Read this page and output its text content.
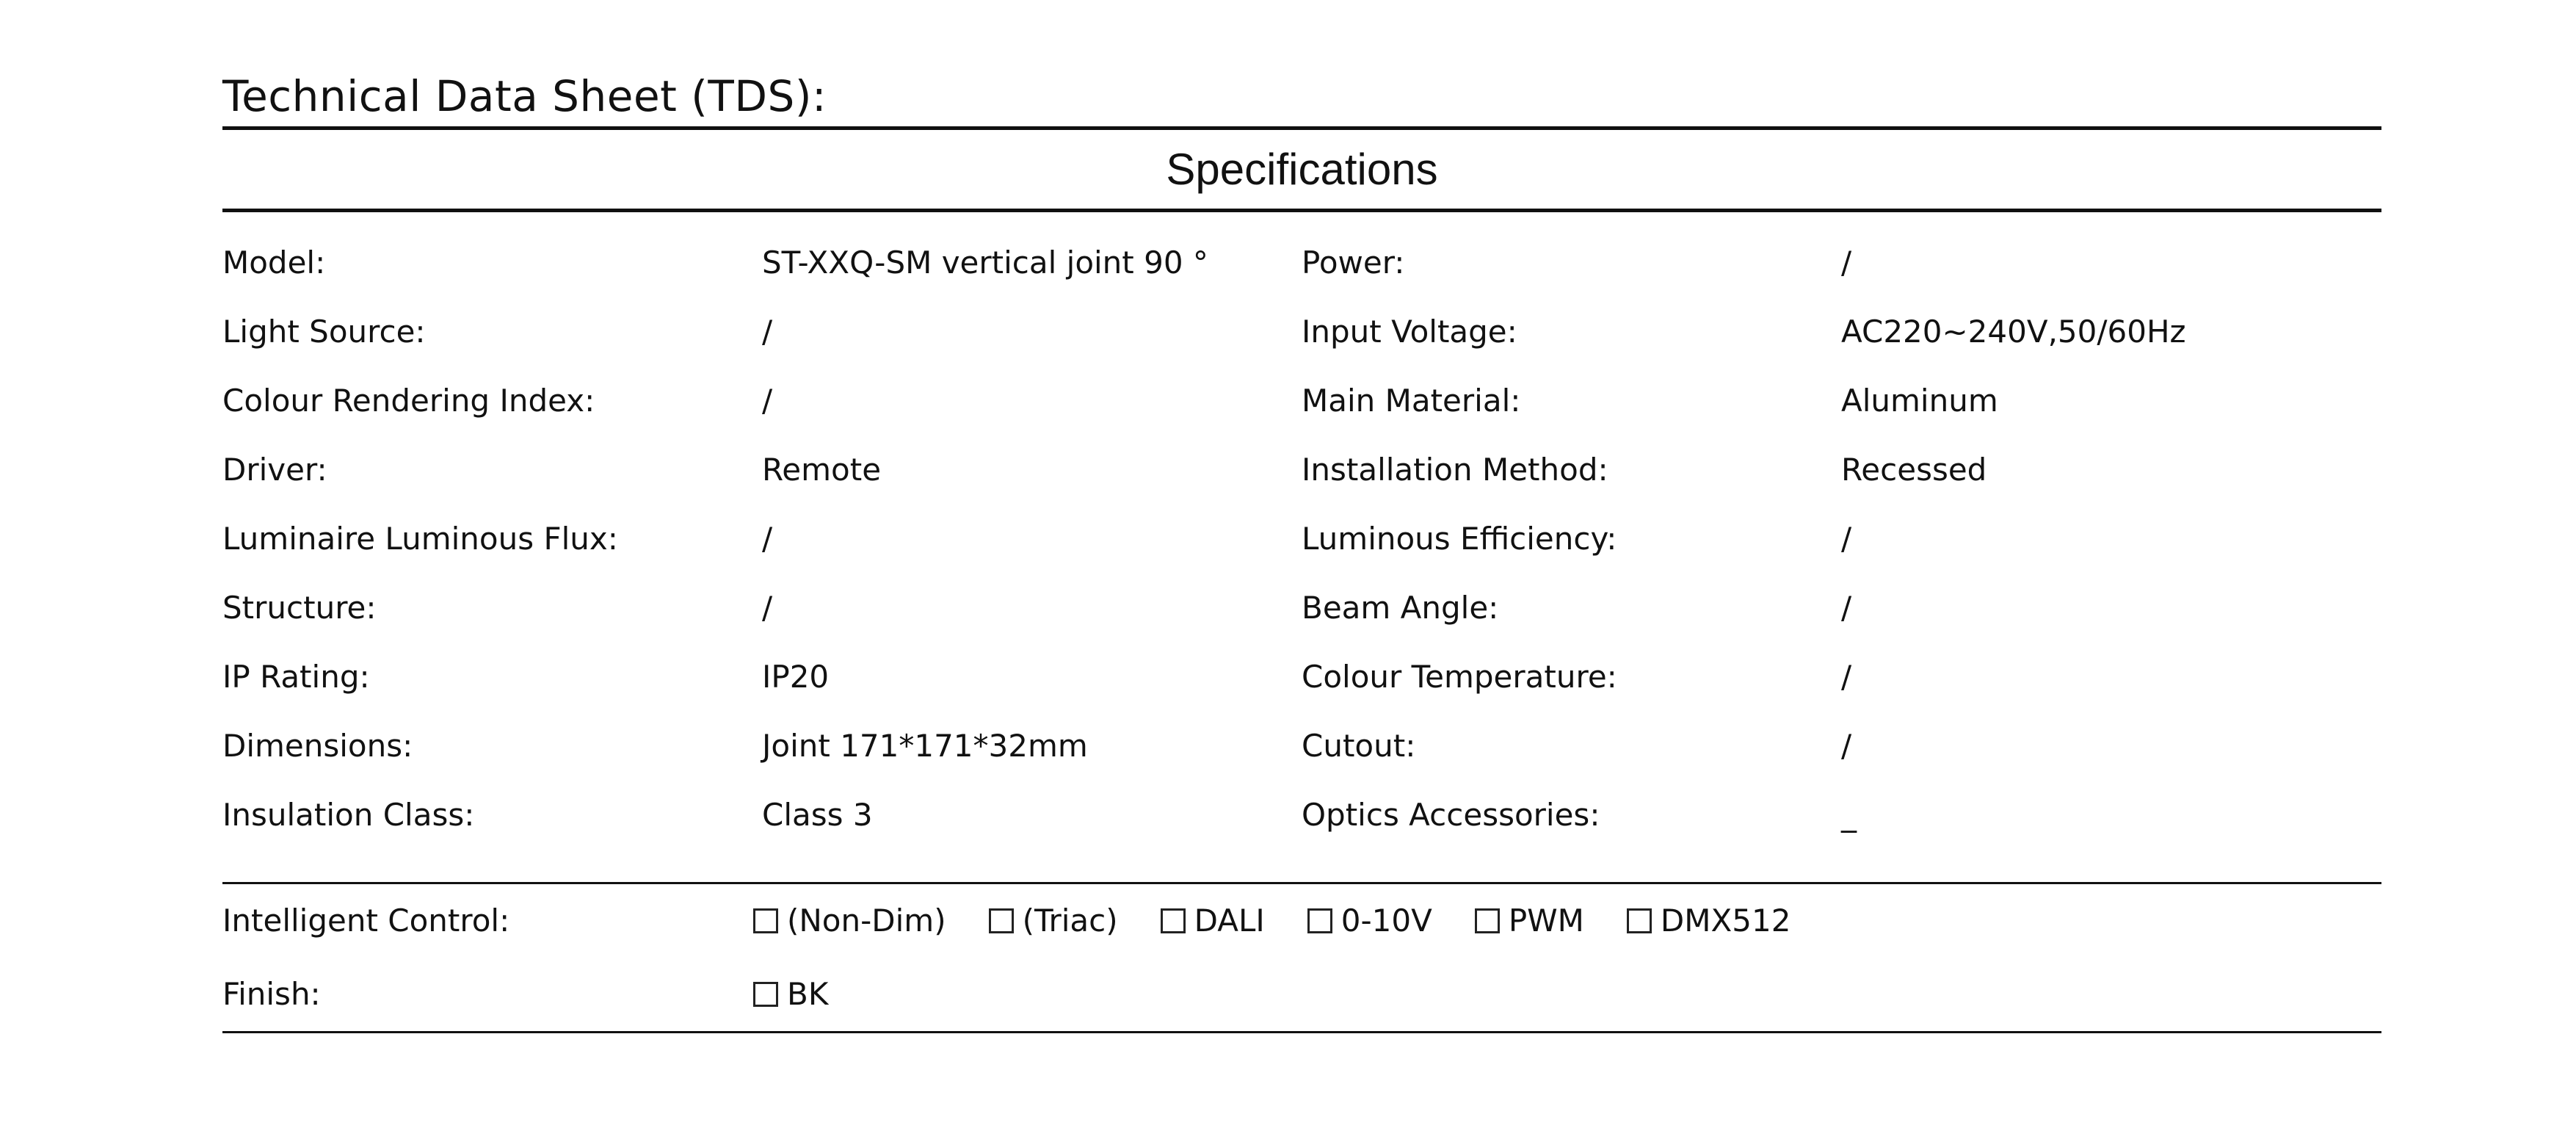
Technical Data Sheet (TDS):
Specifications
Model:	ST-XXQ-SM vertical joint 90 °	Power:	/
Light Source:	/	Input Voltage:	AC220~240V,50/60Hz
Colour Rendering Index:	/	Main Material:	Aluminum
Driver:	Remote	Installation Method:	Recessed
Luminaire Luminous Flux:	/	Luminous Efficiency:	/
Structure:	/	Beam Angle:	/
IP Rating:	IP20	Colour Temperature:	/
Dimensions:	Joint 171*171*32mm	Cutout:	/
Insulation Class:	Class 3	Optics Accessories:	_
Intelligent Control:	(Non-Dim) (Triac) DALI 0-10V PWM DMX512
Finish:	BK
